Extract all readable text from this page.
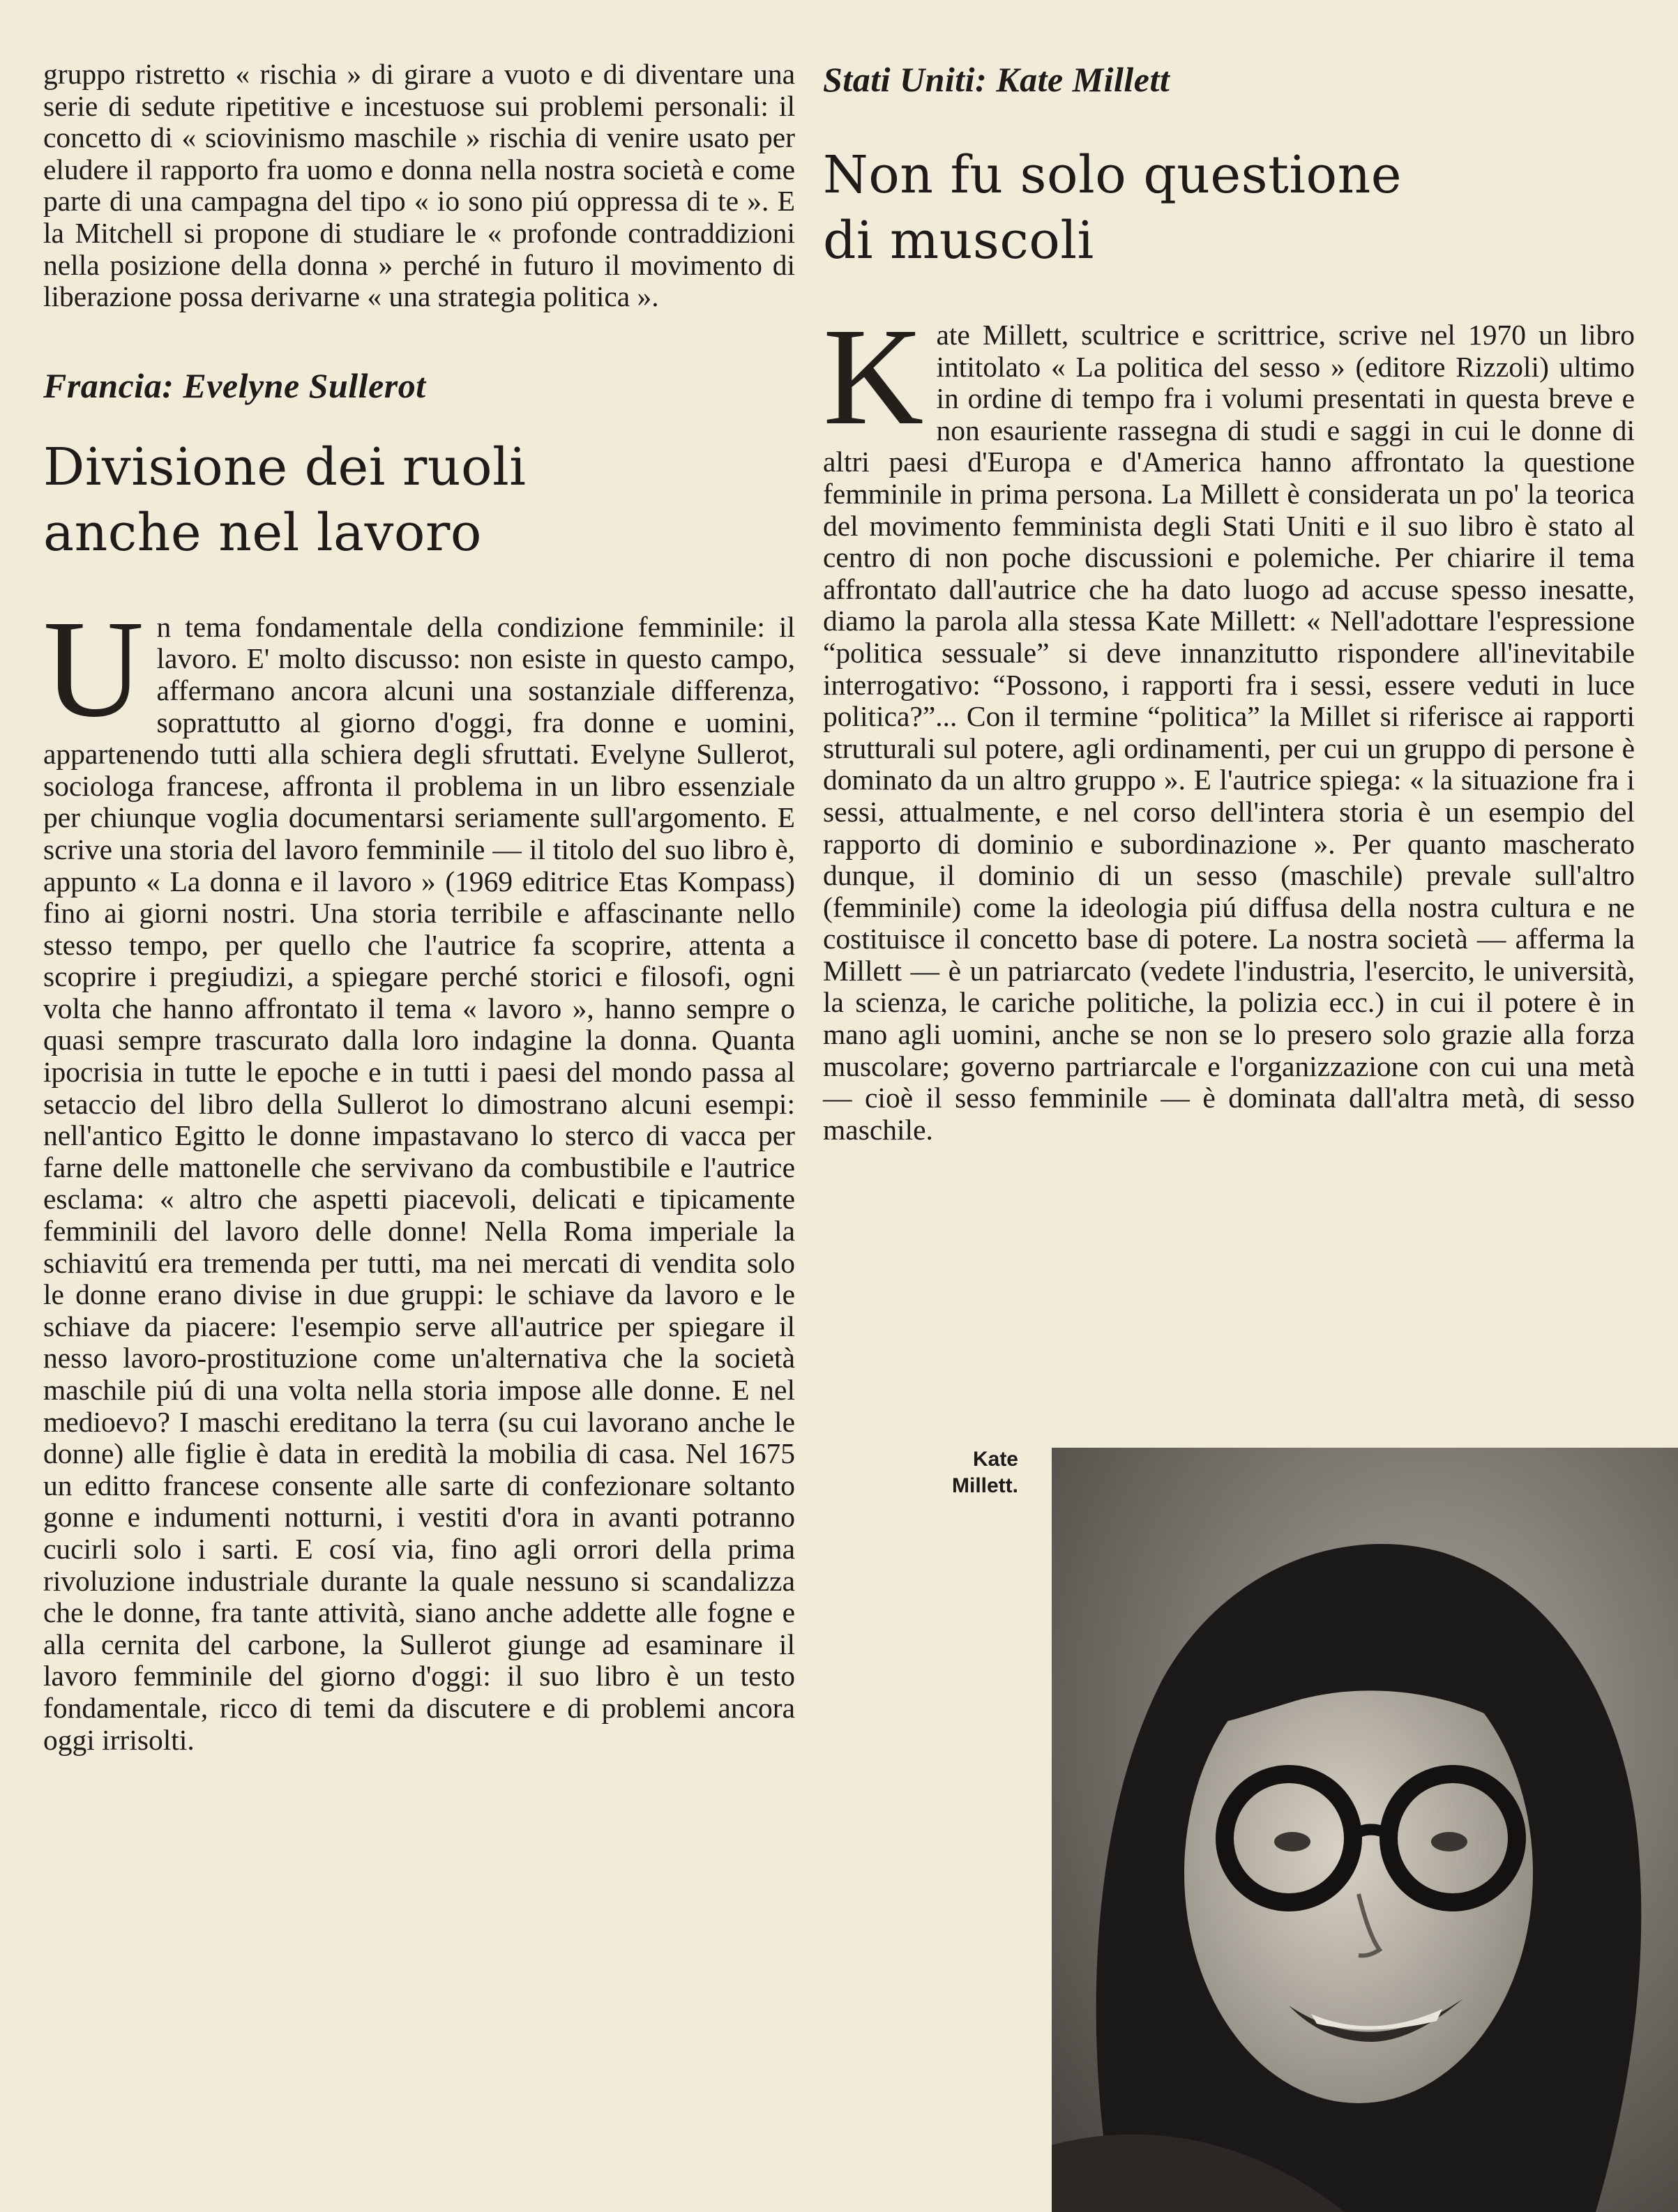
gruppo ristretto « rischia » di girare a vuoto e di diventare una serie di sedute ripetitive e incestuose sui problemi personali: il concetto di « sciovinismo maschile » rischia di venire usato per eludere il rapporto fra uomo e donna nella nostra società e come parte di una campagna del tipo « io sono piú oppressa di te ». E la Mitchell si propone di studiare le « profonde contraddizioni nella posizione della donna » perché in futuro il movimento di liberazione possa derivarne « una strategia politica ».

Francia: Evelyne Sullerot

Divisione dei ruoli
anche nel lavoro
U n tema fondamentale della condizione femminile: il lavoro. E' molto discusso: non esiste in questo campo, affermano ancora alcuni una sostanziale differenza, soprattutto al giorno d'oggi, fra donne e uomini, appartenendo tutti alla schiera degli sfruttati. Evelyne Sullerot, sociologa francese, affronta il problema in un libro essenziale per chiunque voglia documentarsi seriamente sull'argomento. E scrive una storia del lavoro femminile — il titolo del suo libro è, appunto « La donna e il lavoro » (1969 editrice Etas Kompass) fino ai giorni nostri. Una storia terribile e affascinante nello stesso tempo, per quello che l'autrice fa scoprire, attenta a scoprire i pregiudizi, a spiegare perché storici e filosofi, ogni volta che hanno affrontato il tema « lavoro », hanno sempre o quasi sempre trascurato dalla loro indagine la donna. Quanta ipocrisia in tutte le epoche e in tutti i paesi del mondo passa al setaccio del libro della Sullerot lo dimostrano alcuni esempi: nell'antico Egitto le donne impastavano lo sterco di vacca per farne delle mattonelle che servivano da combustibile e l'autrice esclama: « altro che aspetti piacevoli, delicati e tipicamente femminili del lavoro delle donne! Nella Roma imperiale la schiavitú era tremenda per tutti, ma nei mercati di vendita solo le donne erano divise in due gruppi: le schiave da lavoro e le schiave da piacere: l'esempio serve all'autrice per spiegare il nesso lavoro-prostituzione come un'alternativa che la società maschile piú di una volta nella storia impose alle donne. E nel medioevo? I maschi ereditano la terra (su cui lavorano anche le donne) alle figlie è data in eredità la mobilia di casa. Nel 1675 un editto francese consente alle sarte di confezionare soltanto gonne e indumenti notturni, i vestiti d'ora in avanti potranno cucirli solo i sarti. E cosí via, fino agli orrori della prima rivoluzione industriale durante la quale nessuno si scandalizza che le donne, fra tante attività, siano anche addette alle fogne e alla cernita del carbone, la Sullerot giunge ad esaminare il lavoro femminile del giorno d'oggi: il suo libro è un testo fondamentale, ricco di temi da discutere e di problemi ancora oggi irrisolti.

Stati Uniti: Kate Millett

Non fu solo questione
di muscoli
K ate Millett, scultrice e scrittrice, scrive nel 1970 un libro intitolato « La politica del sesso » (editore Rizzoli) ultimo in ordine di tempo fra i volumi presentati in questa breve e non esauriente rassegna di studi e saggi in cui le donne di altri paesi d'Europa e d'America hanno affrontato la questione femminile in prima persona. La Millett è considerata un po' la teorica del movimento femminista degli Stati Uniti e il suo libro è stato al centro di non poche discussioni e polemiche. Per chiarire il tema affrontato dall'autrice che ha dato luogo ad accuse spesso inesatte, diamo la parola alla stessa Kate Millett: « Nell'adottare l'espressione “politica sessuale” si deve innanzitutto rispondere all'inevitabile interrogativo: “Possono, i rapporti fra i sessi, essere veduti in luce politica?”... Con il termine “politica” la Millet si riferisce ai rapporti strutturali sul potere, agli ordinamenti, per cui un gruppo di persone è dominato da un altro gruppo ». E l'autrice spiega: « la situazione fra i sessi, attualmente, e nel corso dell'intera storia è un esempio del rapporto di dominio e subordinazione ». Per quanto mascherato dunque, il dominio di un sesso (maschile) prevale sull'altro (femminile) come la ideologia piú diffusa della nostra cultura e ne costituisce il concetto base di potere. La nostra società — afferma la Millett — è un patriarcato (vedete l'industria, l'esercito, le università, la scienza, le cariche politiche, la polizia ecc.) in cui il potere è in mano agli uomini, anche se non se lo presero solo grazie alla forza muscolare; governo partriarcale e l'organizzazione con cui una metà — cioè il sesso femminile — è dominata dall'altra metà, di sesso maschile.

Kate
Millett.
